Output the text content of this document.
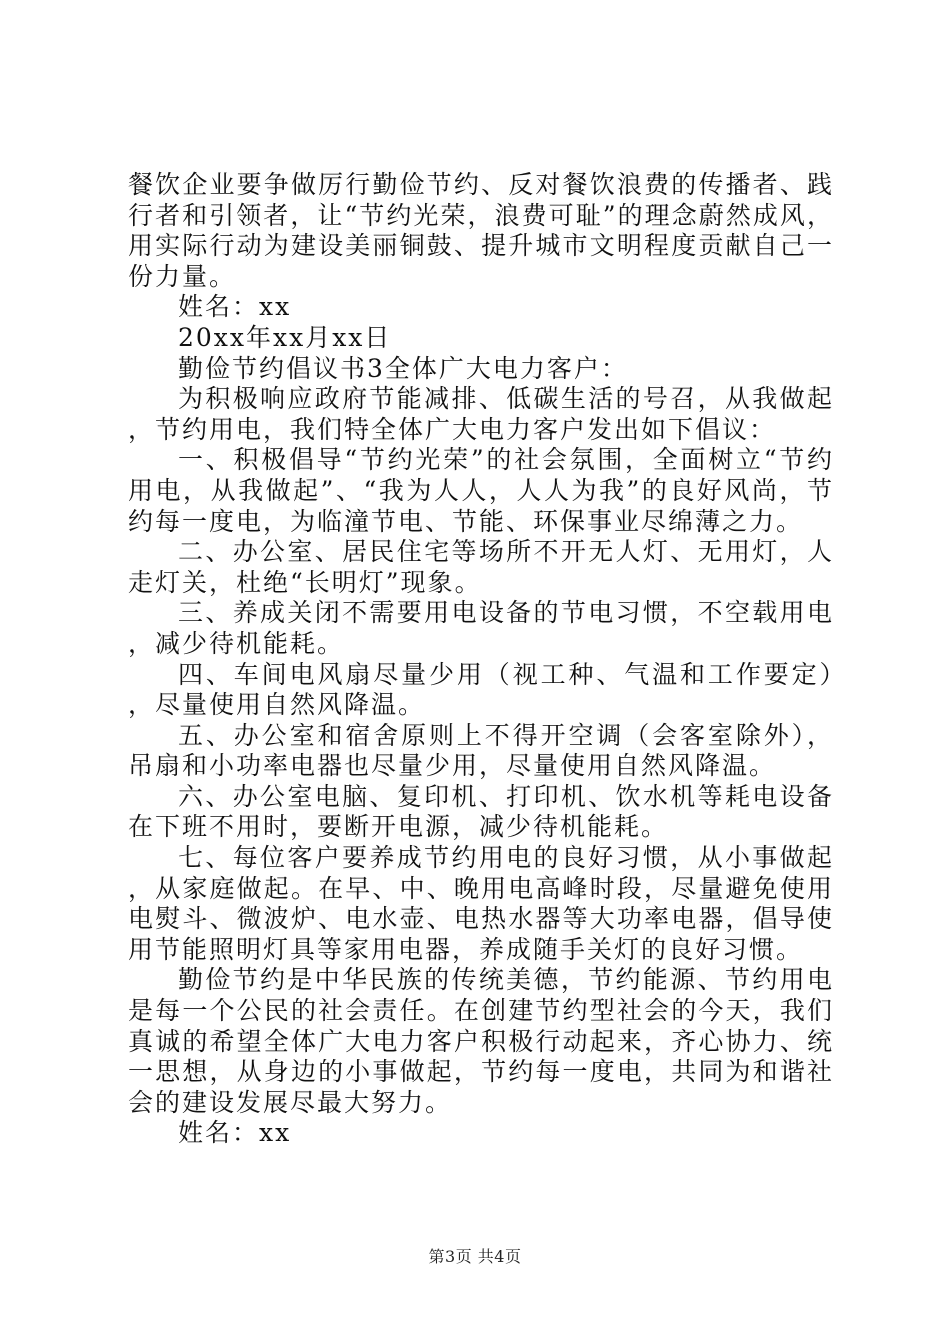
餐饮企业要争做厉行勤俭节约、反对餐饮浪费的传播者、践行者和引领者，让“节约光荣，浪费可耻”的理念蔚然成风，用实际行动为建设美丽铜鼓、提升城市文明程度贡献自己一份力量。

姓名：xx

20xx年xx月xx日

勤俭节约倡议书3全体广大电力客户：

为积极响应政府节能减排、低碳生活的号召，从我做起，节约用电，我们特全体广大电力客户发出如下倡议：

一、积极倡导“节约光荣”的社会氛围，全面树立“节约用电，从我做起”、“我为人人，人人为我”的良好风尚，节约每一度电，为临潼节电、节能、环保事业尽绵薄之力。

二、办公室、居民住宅等场所不开无人灯、无用灯，人走灯关，杜绝“长明灯”现象。

三、养成关闭不需要用电设备的节电习惯，不空载用电，减少待机能耗。

四、车间电风扇尽量少用（视工种、气温和工作要定），尽量使用自然风降温。

五、办公室和宿舍原则上不得开空调（会客室除外），吊扇和小功率电器也尽量少用，尽量使用自然风降温。

六、办公室电脑、复印机、打印机、饮水机等耗电设备在下班不用时，要断开电源，减少待机能耗。

七、每位客户要养成节约用电的良好习惯，从小事做起，从家庭做起。在早、中、晚用电高峰时段，尽量避免使用电熨斗、微波炉、电水壶、电热水器等大功率电器，倡导使用节能照明灯具等家用电器，养成随手关灯的良好习惯。

勤俭节约是中华民族的传统美德，节约能源、节约用电是每一个公民的社会责任。在创建节约型社会的今天，我们真诚的希望全体广大电力客户积极行动起来，齐心协力、统一思想，从身边的小事做起，节约每一度电，共同为和谐社会的建设发展尽最大努力。

姓名：xx

第3页 共4页
